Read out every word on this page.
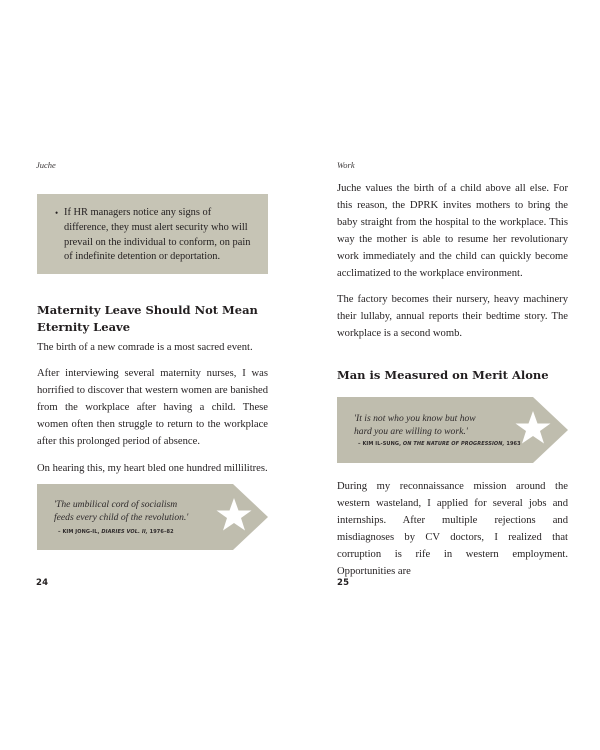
Juche
• If HR managers notice any signs of difference, they must alert security who will prevail on the individual to conform, on pain of indefinite detention or deportation.
Maternity Leave Should Not Mean
Eternity Leave

The birth of a new comrade is a most sacred event.

After interviewing several maternity nurses, I was horrified to discover that western women are banished from the workplace after having a child. These women often then struggle to return to the workplace after this prolonged period of absence.

On hearing this, my heart bled one hundred millilitres.

'The umbilical cord of socialism
feeds every child of the revolution.'
– KIM JONG-IL, DIARIES VOL. II, 1976–82
24
Work

Juche values the birth of a child above all else. For this reason, the DPRK invites mothers to bring the baby straight from the hospital to the workplace. This way the mother is able to resume her revolutionary work immediately and the child can quickly become acclimatized to the workplace environment.

The factory becomes their nursery, heavy machinery their lullaby, annual reports their bedtime story. The workplace is a second womb.

Man is Measured on Merit Alone
'It is not who you know but how
hard you are willing to work.'
– KIM IL-SUNG, ON THE NATURE OF PROGRESSION, 1963

During my reconnaissance mission around the western wasteland, I applied for several jobs and internships. After multiple rejections and misdiagnoses by CV doctors, I realized that corruption is rife in western employment. Opportunities are

25
